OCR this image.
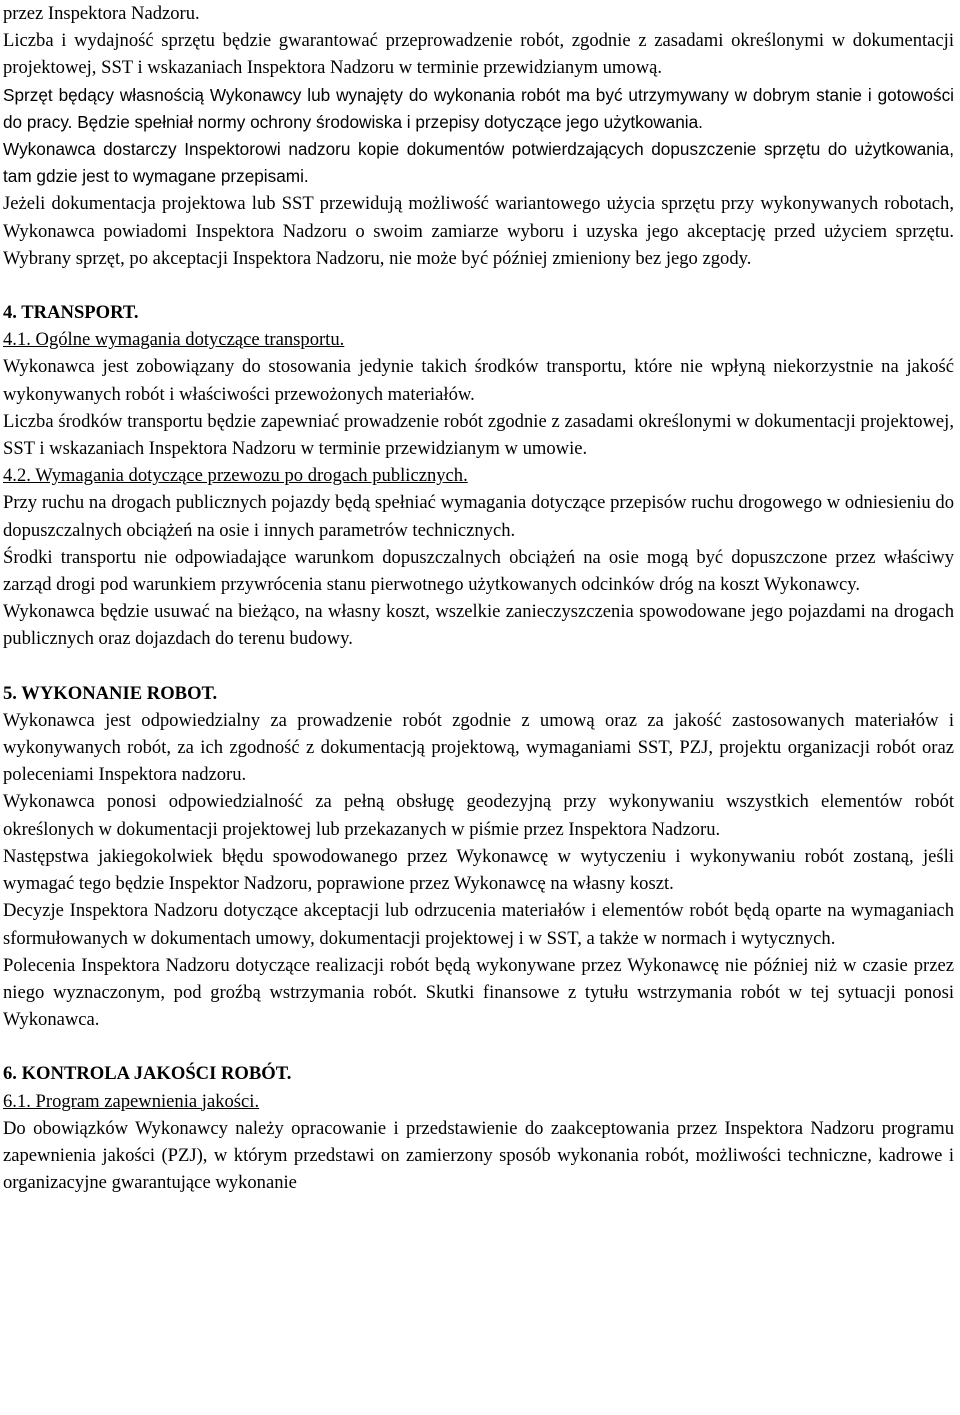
przez Inspektora Nadzoru.

Liczba i wydajność sprzętu będzie gwarantować przeprowadzenie robót, zgodnie z zasadami określonymi w dokumentacji projektowej, SST i wskazaniach Inspektora Nadzoru w terminie przewidzianym umową.

Sprzęt będący własnością Wykonawcy lub wynajęty do wykonania robót ma być utrzymywany w dobrym stanie i gotowości do pracy. Będzie spełniał normy ochrony środowiska i przepisy dotyczące jego użytkowania.

Wykonawca dostarczy Inspektorowi nadzoru kopie dokumentów potwierdzających dopuszczenie sprzętu do użytkowania, tam gdzie jest to wymagane przepisami.

Jeżeli dokumentacja projektowa lub SST przewidują możliwość wariantowego użycia sprzętu przy wykonywanych robotach, Wykonawca powiadomi Inspektora Nadzoru o swoim zamiarze wyboru i uzyska jego akceptację przed użyciem sprzętu. Wybrany sprzęt, po akceptacji Inspektora Nadzoru, nie może być później zmieniony bez jego zgody.

4. TRANSPORT.
4.1. Ogólne wymagania dotyczące transportu.

Wykonawca jest zobowiązany do stosowania jedynie takich środków transportu, które nie wpłyną niekorzystnie na jakość wykonywanych robót i właściwości przewożonych materiałów.

Liczba środków transportu będzie zapewniać prowadzenie robót zgodnie z zasadami określonymi w dokumentacji projektowej, SST i wskazaniach Inspektora Nadzoru w terminie przewidzianym w umowie.

4.2. Wymagania dotyczące przewozu po drogach publicznych.

Przy ruchu na drogach publicznych pojazdy będą spełniać wymagania dotyczące przepisów ruchu drogowego w odniesieniu do dopuszczalnych obciążeń na osie i innych parametrów technicznych.

Środki transportu nie odpowiadające warunkom dopuszczalnych obciążeń na osie mogą być dopuszczone przez właściwy zarząd drogi pod warunkiem przywrócenia stanu pierwotnego użytkowanych odcinków dróg na koszt Wykonawcy.

Wykonawca będzie usuwać na bieżąco, na własny koszt, wszelkie zanieczyszczenia spowodowane jego pojazdami na drogach publicznych oraz dojazdach do terenu budowy.

5. WYKONANIE ROBOT.

Wykonawca jest odpowiedzialny za prowadzenie robót zgodnie z umową oraz za jakość zastosowanych materiałów i wykonywanych robót, za ich zgodność z dokumentacją projektową, wymaganiami SST, PZJ, projektu organizacji robót oraz poleceniami Inspektora nadzoru.

Wykonawca ponosi odpowiedzialność za pełną obsługę geodezyjną przy wykonywaniu wszystkich elementów robót określonych w dokumentacji projektowej lub przekazanych w piśmie przez Inspektora Nadzoru.

Następstwa jakiegokolwiek błędu spowodowanego przez Wykonawcę w wytyczeniu i wykonywaniu robót zostaną, jeśli wymagać tego będzie Inspektor Nadzoru, poprawione przez Wykonawcę na własny koszt.

Decyzje Inspektora Nadzoru dotyczące akceptacji lub odrzucenia materiałów i elementów robót będą oparte na wymaganiach sformułowanych w dokumentach umowy, dokumentacji projektowej i w SST, a także w normach i wytycznych.

Polecenia Inspektora Nadzoru dotyczące realizacji robót będą wykonywane przez Wykonawcę nie później niż w czasie przez niego wyznaczonym, pod groźbą wstrzymania robót. Skutki finansowe z tytułu wstrzymania robót w tej sytuacji ponosi Wykonawca.

6. KONTROLA JAKOŚCI ROBÓT.
6.1. Program zapewnienia jakości.

Do obowiązków Wykonawcy należy opracowanie i przedstawienie do zaakceptowania przez Inspektora Nadzoru programu zapewnienia jakości (PZJ), w którym przedstawi on zamierzony sposób wykonania robót, możliwości techniczne, kadrowe i organizacyjne gwarantujące wykonanie
